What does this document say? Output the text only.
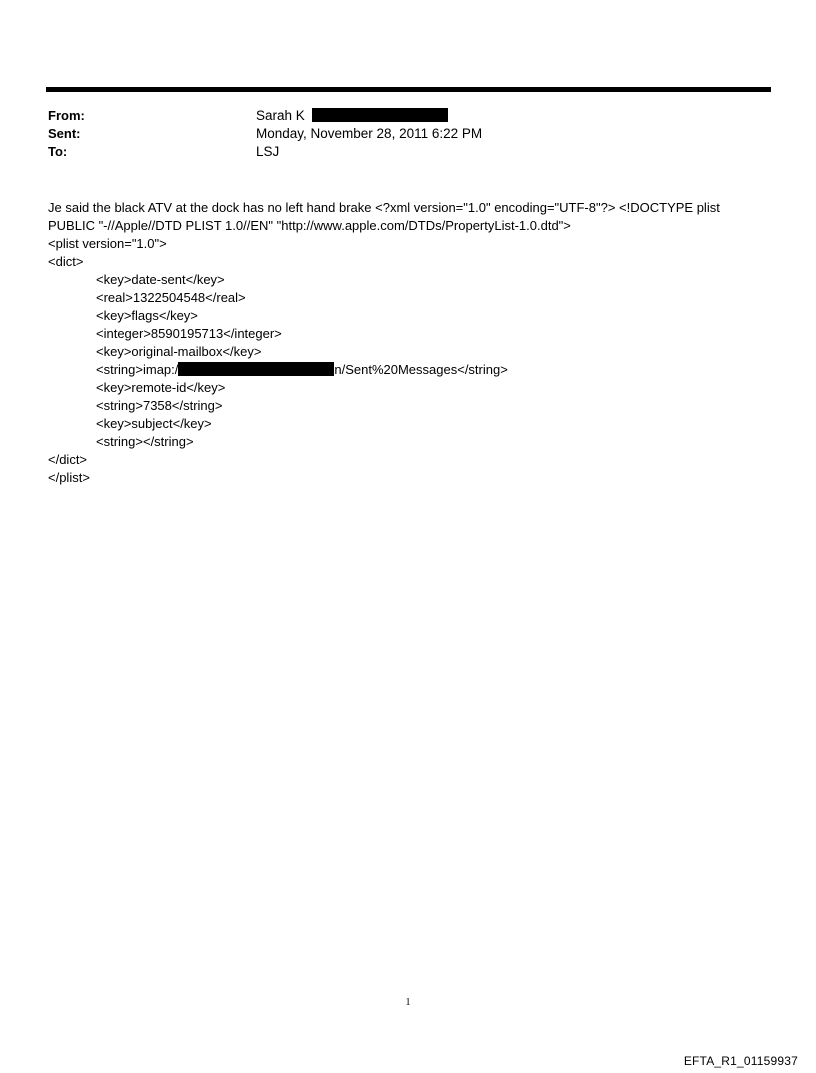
From:	Sarah K
Sent:	Monday, November 28, 2011 6:22 PM
To:	LSJ
Je said the black ATV at the dock has no left hand brake <?xml version="1.0" encoding="UTF-8"?> <!DOCTYPE plist
PUBLIC "-//Apple//DTD PLIST 1.0//EN" "http://www.apple.com/DTDs/PropertyList-1.0.dtd">
<plist version="1.0">
<dict>
<key>date-sent</key>
<real>1322504548</real>
<key>flags</key>
<integer>8590195713</integer>
<key>original-mailbox</key>
<string>imap:/	n/Sent%20Messages</string>
<key>remote-id</key>
<string>7358</string>
<key>subject</key>
<string></string>
</dict>
</plist>
1
EFTA_R1_01159937
